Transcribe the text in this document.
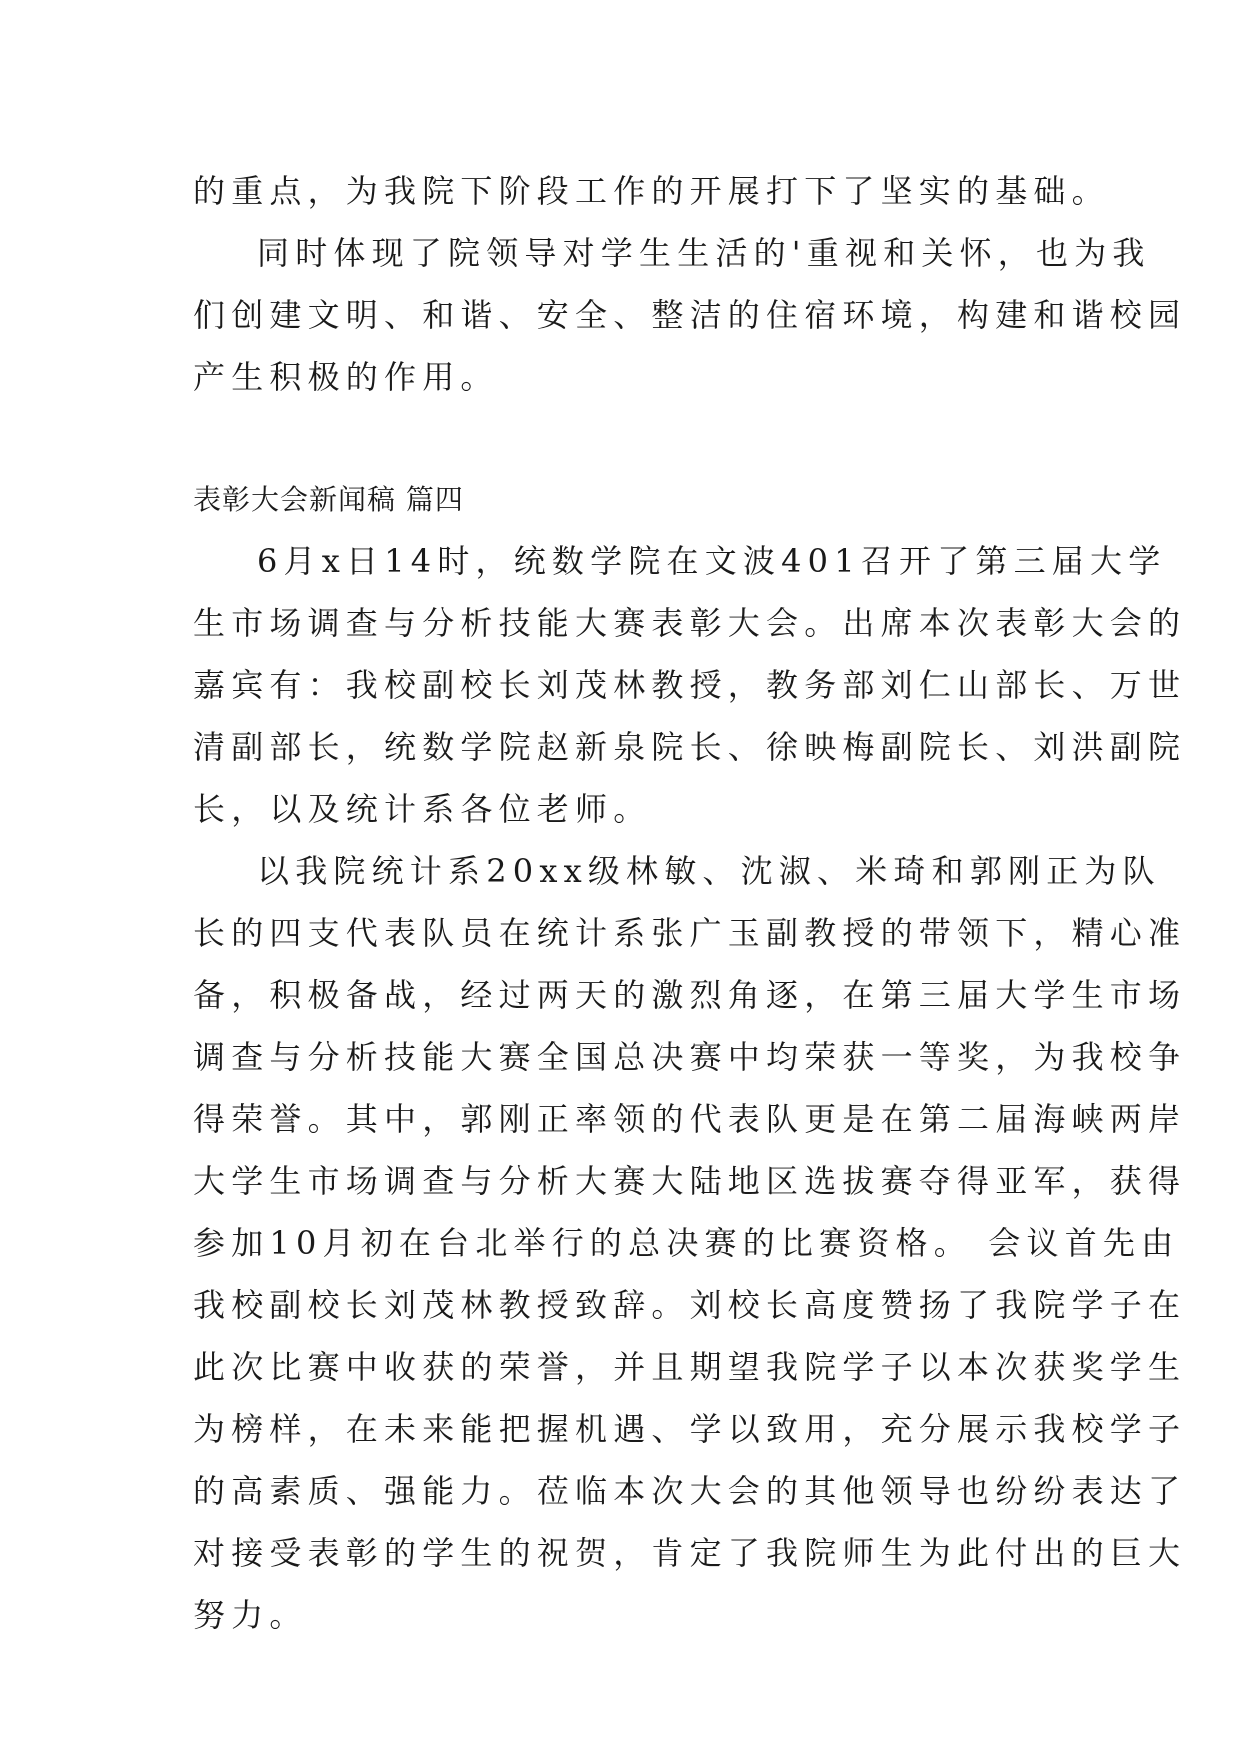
的重点，为我院下阶段工作的开展打下了坚实的基础。
同时体现了院领导对学生生活的'重视和关怀，也为我
们创建文明、和谐、安全、整洁的住宿环境，构建和谐校园
产生积极的作用。
表彰大会新闻稿 篇四
6月x日14时，统数学院在文波401召开了第三届大学
生市场调查与分析技能大赛表彰大会。出席本次表彰大会的
嘉宾有：我校副校长刘茂林教授，教务部刘仁山部长、万世
清副部长，统数学院赵新泉院长、徐映梅副院长、刘洪副院
长，以及统计系各位老师。
以我院统计系20xx级林敏、沈淑、米琦和郭刚正为队
长的四支代表队员在统计系张广玉副教授的带领下，精心准
备，积极备战，经过两天的激烈角逐，在第三届大学生市场
调查与分析技能大赛全国总决赛中均荣获一等奖，为我校争
得荣誉。其中，郭刚正率领的代表队更是在第二届海峡两岸
大学生市场调查与分析大赛大陆地区选拔赛夺得亚军，获得
参加10月初在台北举行的总决赛的比赛资格。 会议首先由
我校副校长刘茂林教授致辞。刘校长高度赞扬了我院学子在
此次比赛中收获的荣誉，并且期望我院学子以本次获奖学生
为榜样，在未来能把握机遇、学以致用，充分展示我校学子
的高素质、强能力。莅临本次大会的其他领导也纷纷表达了
对接受表彰的学生的祝贺，肯定了我院师生为此付出的巨大
努力。
